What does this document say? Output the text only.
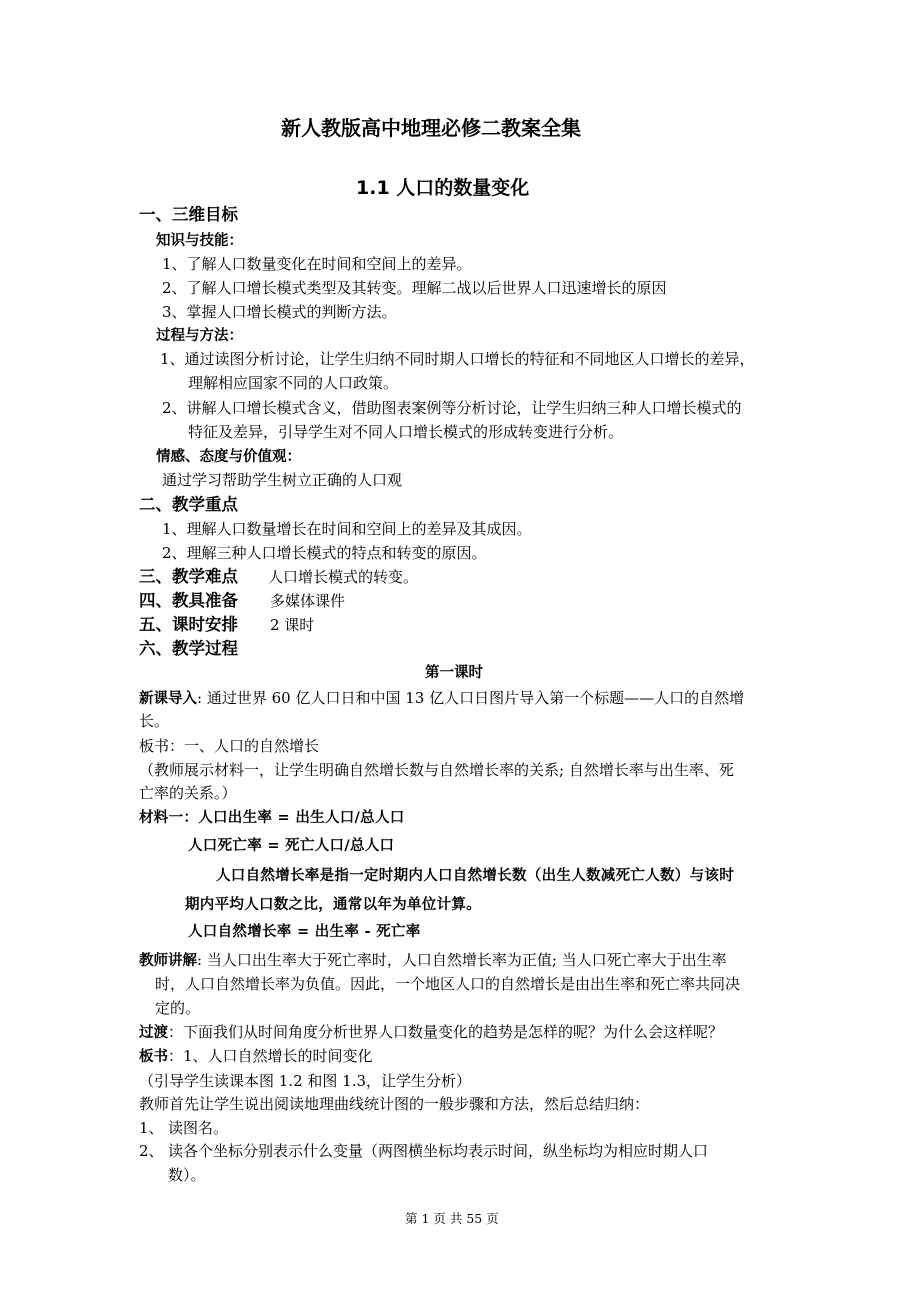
新人教版高中地理必修二教案全集
1.1 人口的数量变化
一、三维目标
知识与技能：
1、了解人口数量变化在时间和空间上的差异。
2、了解人口增长模式类型及其转变。理解二战以后世界人口迅速增长的原因
3、掌握人口增长模式的判断方法。
过程与方法：
1、通过读图分析讨论，让学生归纳不同时期人口增长的特征和不同地区人口增长的差异，
理解相应国家不同的人口政策。
2、讲解人口增长模式含义，借助图表案例等分析讨论，让学生归纳三种人口增长模式的
特征及差异，引导学生对不同人口增长模式的形成转变进行分析。
情感、态度与价值观：
通过学习帮助学生树立正确的人口观
二、教学重点
1、理解人口数量增长在时间和空间上的差异及其成因。
2、理解三种人口增长模式的特点和转变的原因。
三、教学难点 人口增长模式的转变。
四、教具准备 多媒体课件
五、课时安排 2 课时
六、教学过程
第一课时
新课导入: 通过世界 60 亿人口日和中国 13 亿人口日图片导入第一个标题——人口的自然增
长。
板书：一、人口的自然增长
（教师展示材料一，让学生明确自然增长数与自然增长率的关系; 自然增长率与出生率、死
亡率的关系。）
材料一：人口出生率 = 出生人口/总人口
人口死亡率 = 死亡人口/总人口
人口自然增长率是指一定时期内人口自然增长数（出生人数减死亡人数）与该时
期内平均人口数之比，通常以年为单位计算。
人口自然增长率 = 出生率 - 死亡率
教师讲解: 当人口出生率大于死亡率时，人口自然增长率为正值; 当人口死亡率大于出生率
时，人口自然增长率为负值。因此，一个地区人口的自然增长是由出生率和死亡率共同决
定的。
过渡：下面我们从时间角度分析世界人口数量变化的趋势是怎样的呢？为什么会这样呢？
板书：1、人口自然增长的时间变化
（引导学生读课本图 1.2 和图 1.3，让学生分析）
教师首先让学生说出阅读地理曲线统计图的一般步骤和方法，然后总结归纳：
1、 读图名。
2、 读各个坐标分别表示什么变量（两图横坐标均表示时间，纵坐标均为相应时期人口
数）。
第 1 页 共 55 页
